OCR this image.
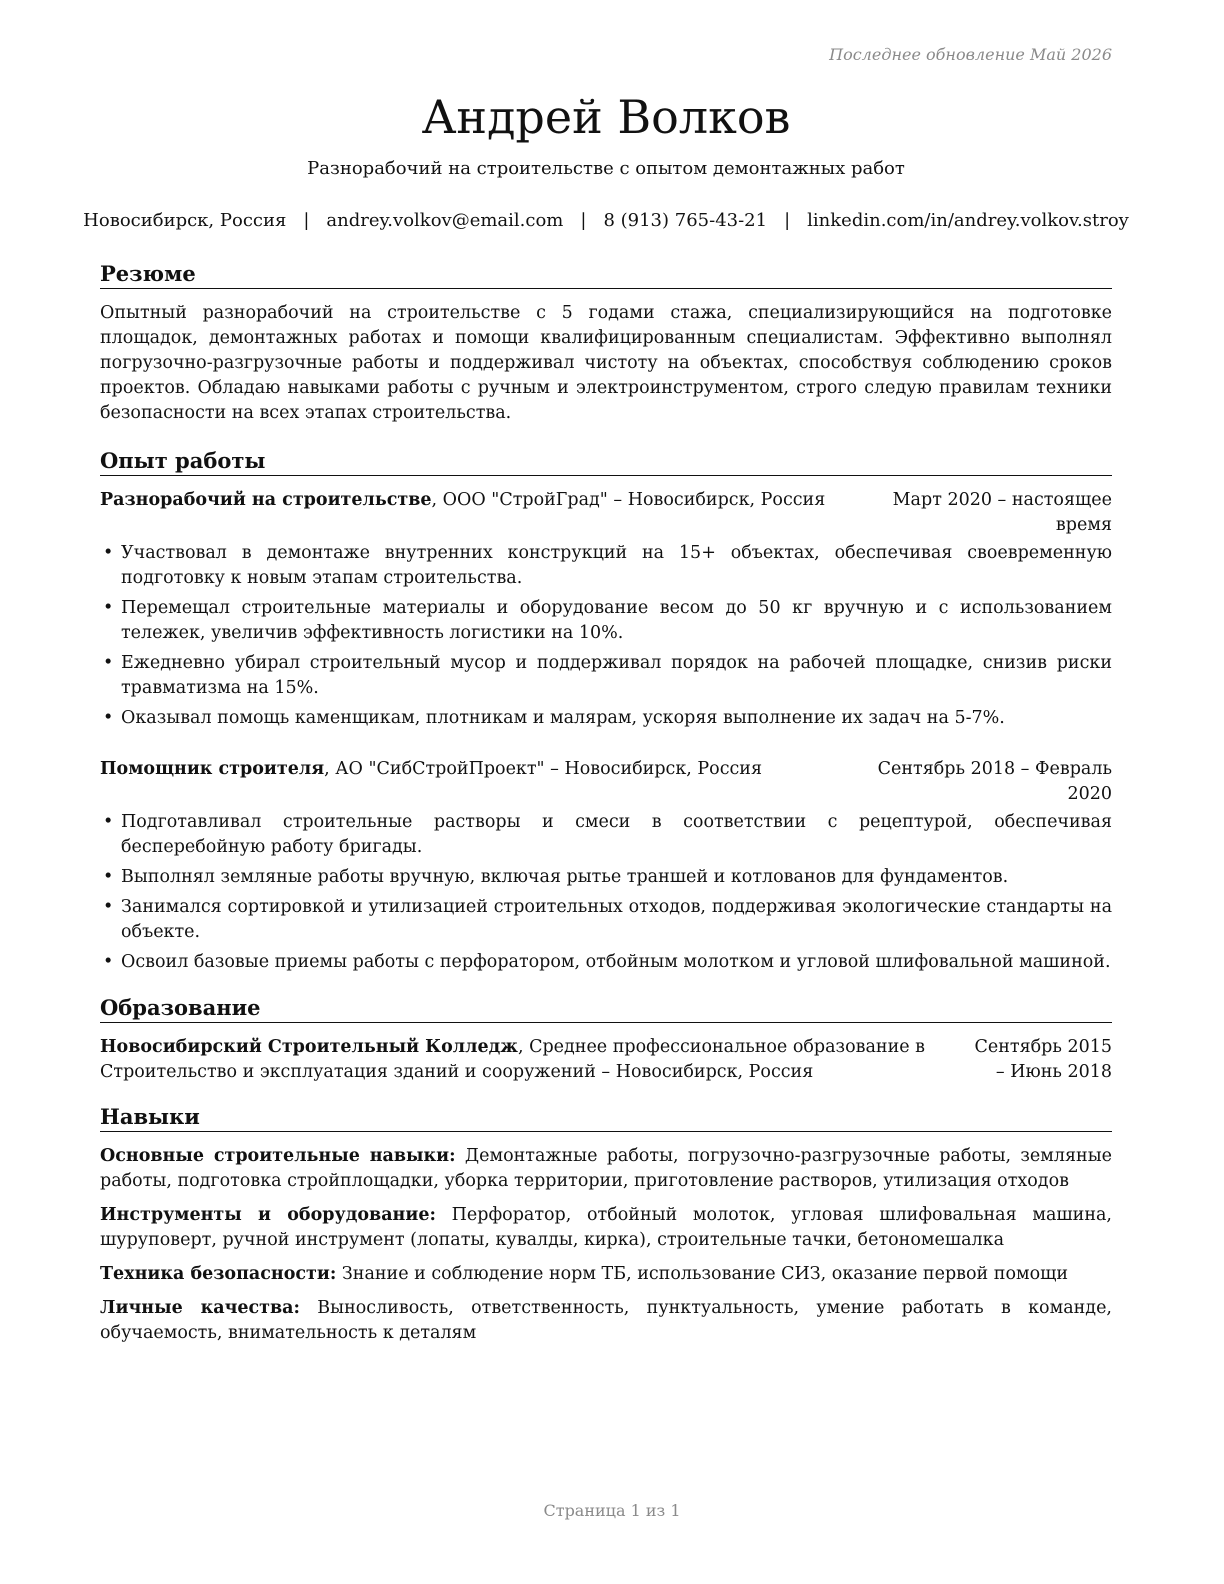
Последнее обновление Май 2026
Андрей Волков
Разнорабочий на строительстве с опытом демонтажных работ
Новосибирск, Россия | andrey.volkov@email.com | 8 (913) 765-43-21 | linkedin.com/in/andrey.volkov.stroy
Резюме

Опытный разнорабочий на строительстве с 5 годами стажа, специализирующийся на подготовке площадок, демонтажных работах и помощи квалифицированным специалистам. Эффективно выполнял погрузочно-разгрузочные работы и поддерживал чистоту на объектах, способствуя соблюдению сроков проектов. Обладаю навыками работы с ручным и электроинструментом, строго следую правилам техники безопасности на всех этапах строительства.

Опыт работы
Разнорабочий на строительстве, ООО "СтройГрад" – Новосибирск, Россия	Март 2020 – настоящее время
• Участвовал в демонтаже внутренних конструкций на 15+ объектах, обеспечивая своевременную подготовку к новым этапам строительства.
• Перемещал строительные материалы и оборудование весом до 50 кг вручную и с использованием тележек, увеличив эффективность логистики на 10%.
• Ежедневно убирал строительный мусор и поддерживал порядок на рабочей площадке, снизив риски травматизма на 15%.
• Оказывал помощь каменщикам, плотникам и малярам, ускоряя выполнение их задач на 5-7%.
Помощник строителя, АО "СибСтройПроект" – Новосибирск, Россия	Сентябрь 2018 – Февраль 2020
• Подготавливал строительные растворы и смеси в соответствии с рецептурой, обеспечивая бесперебойную работу бригады.
• Выполнял земляные работы вручную, включая рытье траншей и котлованов для фундаментов.
• Занимался сортировкой и утилизацией строительных отходов, поддерживая экологические стандарты на объекте.
• Освоил базовые приемы работы с перфоратором, отбойным молотком и угловой шлифовальной машиной.
Образование
Новосибирский Строительный Колледж, Среднее профессиональное образование в Строительство и эксплуатация зданий и сооружений – Новосибирск, Россия
Сентябрь 2015 – Июнь 2018
Навыки
Основные строительные навыки: Демонтажные работы, погрузочно-разгрузочные работы, земляные работы, подготовка стройплощадки, уборка территории, приготовление растворов, утилизация отходов
Инструменты и оборудование: Перфоратор, отбойный молоток, угловая шлифовальная машина, шуруповерт, ручной инструмент (лопаты, кувалды, кирка), строительные тачки, бетономешалка
Техника безопасности: Знание и соблюдение норм ТБ, использование СИЗ, оказание первой помощи
Личные качества: Выносливость, ответственность, пунктуальность, умение работать в команде, обучаемость, внимательность к деталям
Страница 1 из 1
